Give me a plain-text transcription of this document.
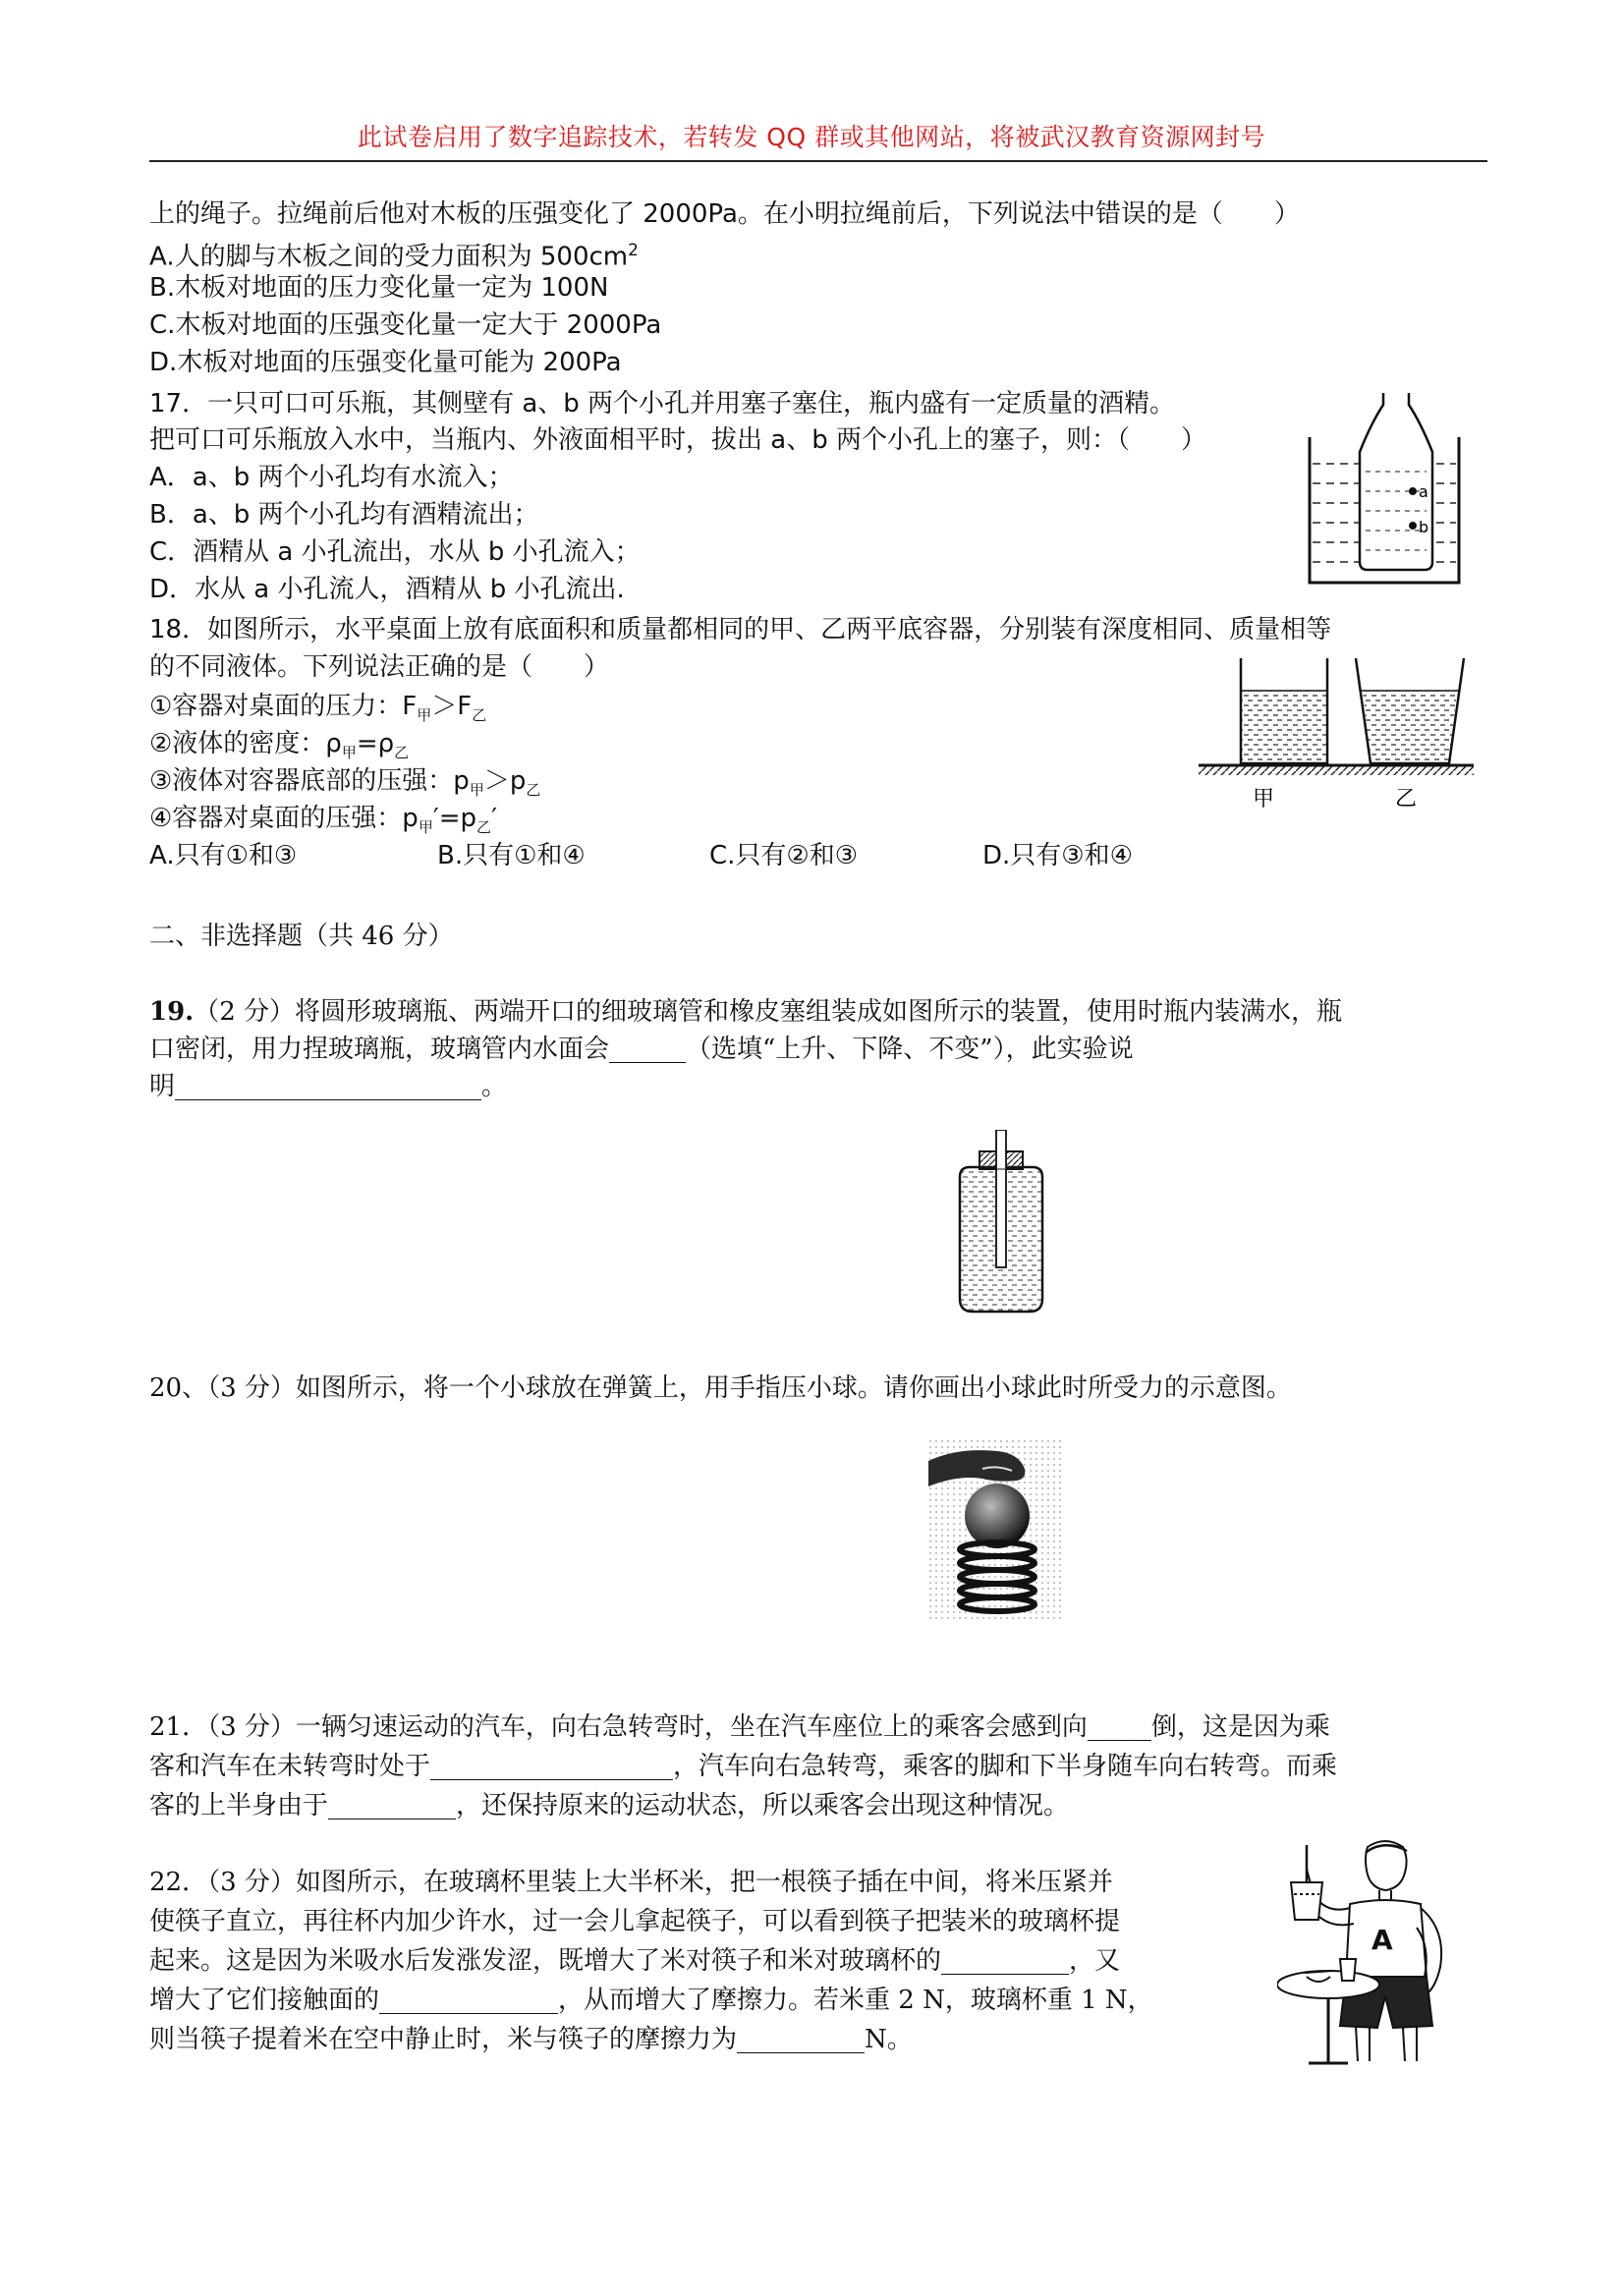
此试卷启用了数字追踪技术，若转发 QQ 群或其他网站，将被武汉教育资源网封号
上的绳子。拉绳前后他对木板的压强变化了 2000Pa。在小明拉绳前后，下列说法中错误的是（　　）
A.人的脚与木板之间的受力面积为 $500cm^2$
B.木板对地面的压力变化量一定为 100N
C.木板对地面的压强变化量一定大于 2000Pa
D.木板对地面的压强变化量可能为 200Pa
17．一只可口可乐瓶，其侧壁有 a、b 两个小孔并用塞子塞住，瓶内盛有一定质量的酒精。
把可口可乐瓶放入水中，当瓶内、外液面相平时，拔出 a、b 两个小孔上的塞子，则：（　　）
A．a、b 两个小孔均有水流入；
B．a、b 两个小孔均有酒精流出；
C．酒精从 a 小孔流出，水从 b 小孔流入；
D．水从 a 小孔流人，酒精从 b 小孔流出.
a
b
18．如图所示，水平桌面上放有底面积和质量都相同的甲、乙两平底容器，分别装有深度相同、质量相等
的不同液体。下列说法正确的是（　　）
①容器对桌面的压力：$F_甲>F_乙$
②液体的密度：$\rho_甲=\rho_乙$
③液体对容器底部的压强：$p_甲>p_乙$
④容器对桌面的压强：$p_甲'=p_乙'$
A.只有①和③	B.只有①和④	C.只有②和③	D.只有③和④
甲	乙
二、非选择题（共 46 分）
19.（2 分）将圆形玻璃瓶、两端开口的细玻璃管和橡皮塞组装成如图所示的装置，使用时瓶内装满水，瓶
口密闭，用力捏玻璃瓶，玻璃管内水面会______（选填“上升、下降、不变”），此实验说
明________________________。
20、（3 分）如图所示，将一个小球放在弹簧上，用手指压小球。请你画出小球此时所受力的示意图。
21．（3 分）一辆匀速运动的汽车，向右急转弯时，坐在汽车座位上的乘客会感到向_____倒，这是因为乘
客和汽车在未转弯时处于___________________，汽车向右急转弯，乘客的脚和下半身随车向右转弯。而乘
客的上半身由于__________，还保持原来的运动状态，所以乘客会出现这种情况。
22．（3 分）如图所示，在玻璃杯里装上大半杯米，把一根筷子插在中间，将米压紧并
使筷子直立，再往杯内加少许水，过一会儿拿起筷子，可以看到筷子把装米的玻璃杯提
起来。这是因为米吸水后发涨发涩，既增大了米对筷子和米对玻璃杯的__________，又
增大了它们接触面的______________，从而增大了摩擦力。若米重 2 N，玻璃杯重 1 N，
则当筷子提着米在空中静止时，米与筷子的摩擦力为__________N。
A
